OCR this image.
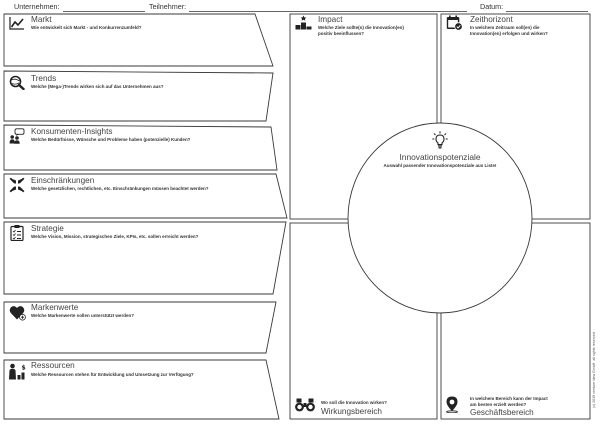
Unternehmen:	Teilnehmer:	Datum:
Markt
Wie entwickelt sich Markt - und Konkurrenzumfeld?
Trends
Welche (Mega-)Trends wirken sich auf das Unternehmen aus?
Konsumenten-Insights
Welche Bedürfnisse, Wünsche und Probleme haben (potenzielle) Kunden?
Einschränkungen
Welche gesetzlichen, rechtlichen, etc. Einschränkungen müssen beachtet werden?
Strategie
Welche Vision, Mission, strategischen Ziele, KPIs, etc. sollen erreicht werden?
Markenwerte
Welche Markenwerte sollen unterstützt werden?
$ Ressourcen
Welche Ressourcen stehen für Entwicklung und Umsetzung zur Verfügung?
Impact
Welche Ziele sollte(n) die Innovation(en)
positiv beeinflussen?
Zeithorizont
In welchem Zeitraum soll(en) die
Innovation(en) erfolgen und wirken?
Innovationspotenziale
Auswahl passender Innovationspotenziale aus Liste!
Wo soll die Innovation wirken?
Wirkungsbereich
In welchem Bereich kann der Impact
am besten erzielt werden?
Geschäftsbereich
(c) 2019 venture idea GmbH, all rights reserved
